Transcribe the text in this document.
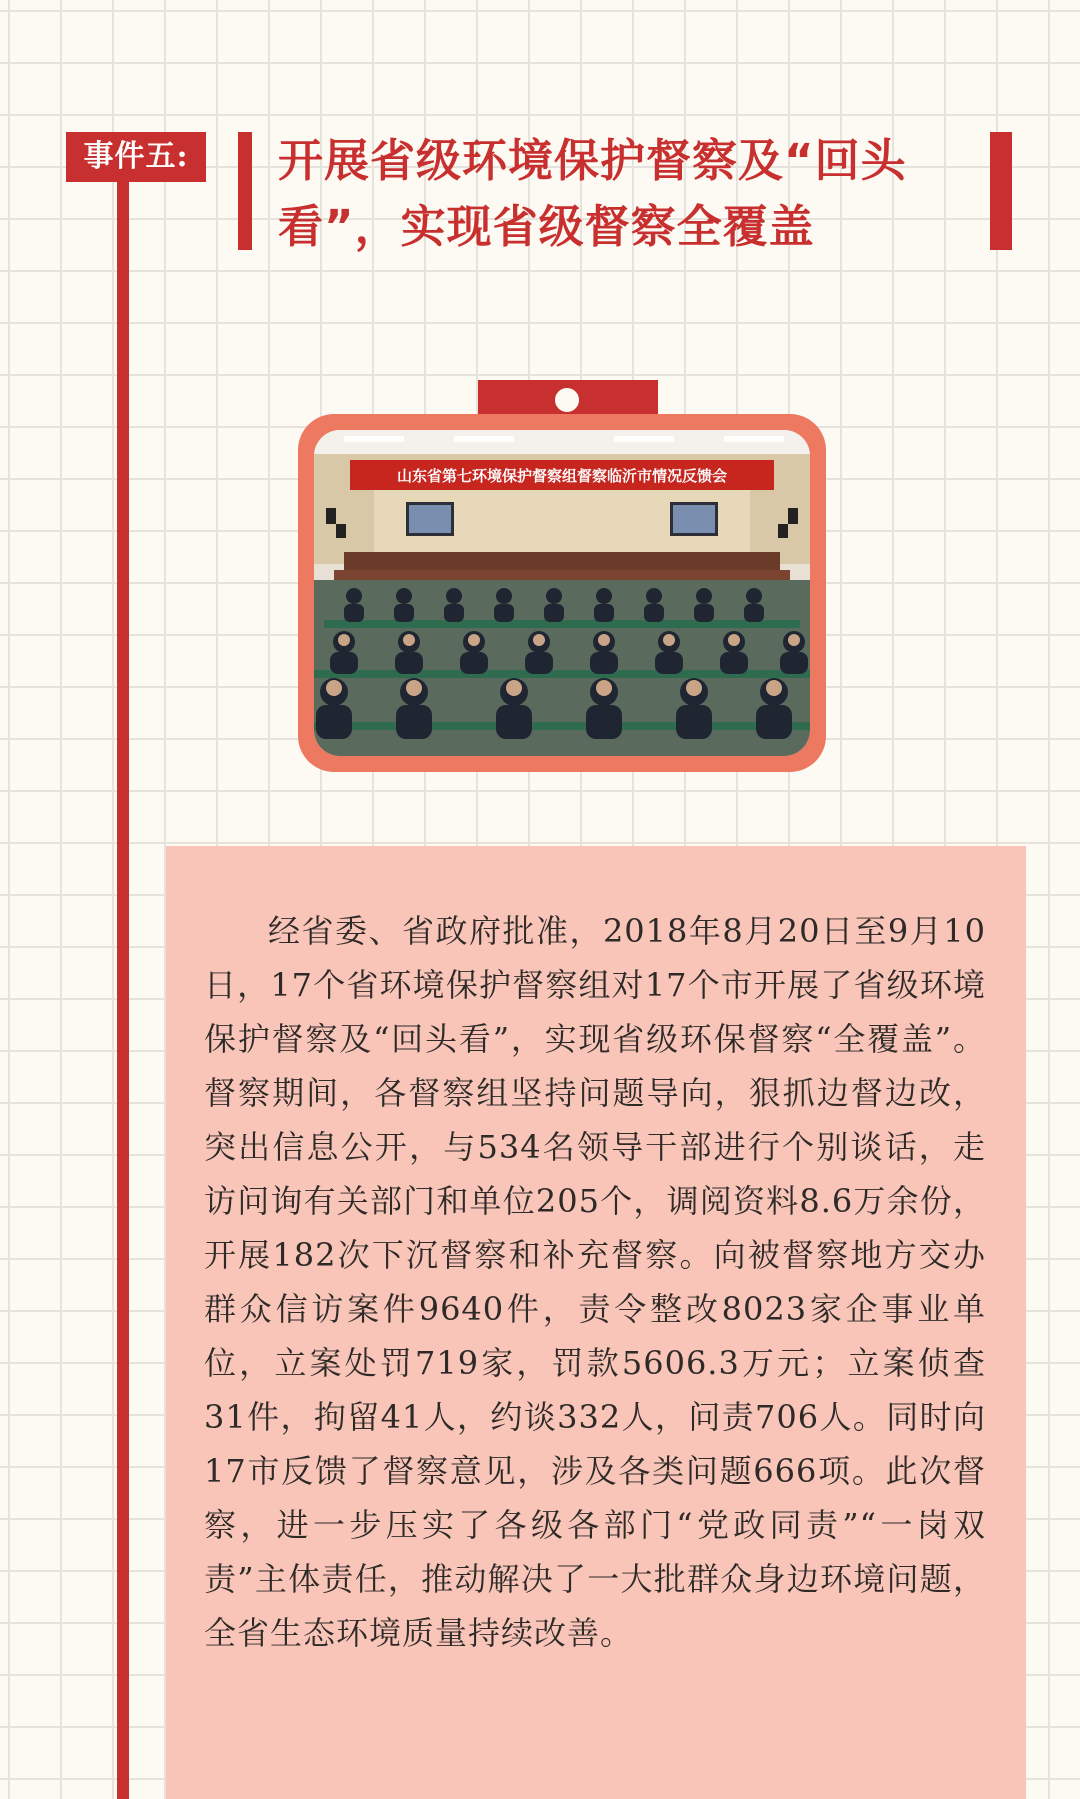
事件五:	开展省级环境保护督察及“回头看”，实现省级督察全覆盖
山东省第七环境保护督察组督察临沂市情况反馈会

经省委、省政府批准，2018年8月20日至9月10日，17个省环境保护督察组对17个市开展了省级环境保护督察及“回头看”，实现省级环保督察“全覆盖”。督察期间，各督察组坚持问题导向，狠抓边督边改，突出信息公开，与534名领导干部进行个别谈话，走访问询有关部门和单位205个，调阅资料8.6万余份，开展182次下沉督察和补充督察。向被督察地方交办群众信访案件9640件，责令整改8023家企事业单位，立案处罚719家，罚款5606.3万元；立案侦查31件，拘留41人，约谈332人，问责706人。同时向17市反馈了督察意见，涉及各类问题666项。此次督察，进一步压实了各级各部门“党政同责”“一岗双责”主体责任，推动解决了一大批群众身边环境问题，全省生态环境质量持续改善。
